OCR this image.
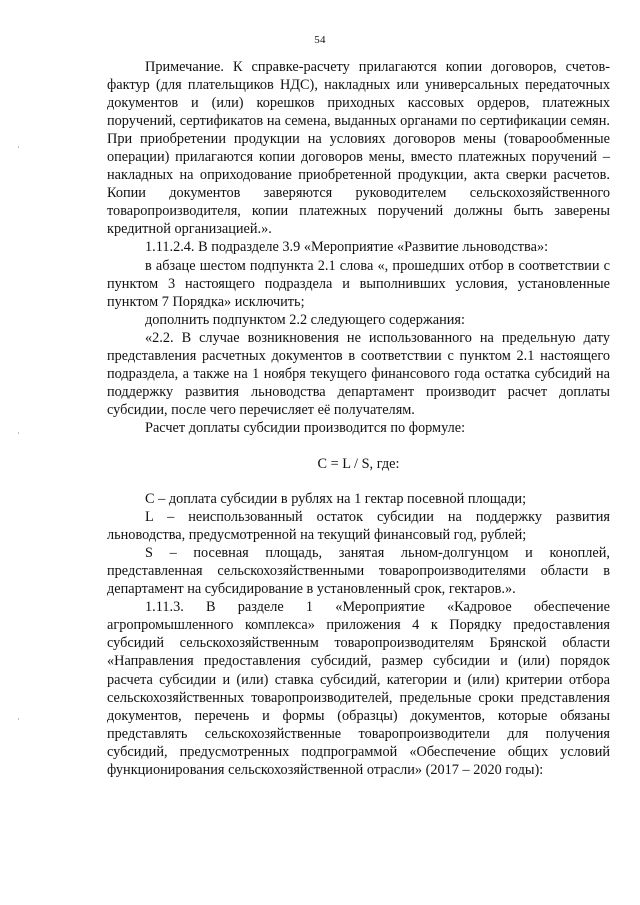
54

Примечание. К справке-расчету прилагаются копии договоров, счетов-фактур (для плательщиков НДС), накладных или универсальных передаточных документов и (или) корешков приходных кассовых ордеров, платежных поручений, сертификатов на семена, выданных органами по сертификации семян. При приобретении продукции на условиях договоров мены (товарообменные операции) прилагаются копии договоров мены, вместо платежных поручений – накладных на оприходование приобретенной продукции, акта сверки расчетов. Копии документов заверяются руководителем сельскохозяйственного товаропроизводителя, копии платежных поручений должны быть заверены кредитной организацией.».

1.11.2.4. В подразделе 3.9 «Мероприятие «Развитие льноводства»:

в абзаце шестом подпункта 2.1 слова «, прошедших отбор в соответствии с пунктом 3 настоящего подраздела и выполнивших условия, установленные пунктом 7 Порядка» исключить;

дополнить подпунктом 2.2 следующего содержания:

«2.2. В случае возникновения не использованного на предельную дату представления расчетных документов в соответствии с пунктом 2.1 настоящего подраздела, а также на 1 ноября текущего финансового года остатка субсидий на поддержку развития льноводства департамент производит расчет доплаты субсидии, после чего перечисляет её получателям.

Расчет доплаты субсидии производится по формуле:

C = L / S, где:

C – доплата субсидии в рублях на 1 гектар посевной площади;

L – неиспользованный остаток субсидии на поддержку развития льноводства, предусмотренной на текущий финансовый год, рублей;

S – посевная площадь, занятая льном-долгунцом и коноплей, представленная сельскохозяйственными товаропроизводителями области в департамент на субсидирование в установленный срок, гектаров.».

1.11.3. В разделе 1 «Мероприятие «Кадровое обеспечение агропромышленного комплекса» приложения 4 к Порядку предоставления субсидий сельскохозяйственным товаропроизводителям Брянской области «Направления предоставления субсидий, размер субсидии и (или) порядок расчета субсидии и (или) ставка субсидий, категории и (или) критерии отбора сельскохозяйственных товаропроизводителей, предельные сроки представления документов, перечень и формы (образцы) документов, которые обязаны представлять сельскохозяйственные товаропроизводители для получения субсидий, предусмотренных подпрограммой «Обеспечение общих условий функционирования сельскохозяйственной отрасли» (2017 – 2020 годы):
